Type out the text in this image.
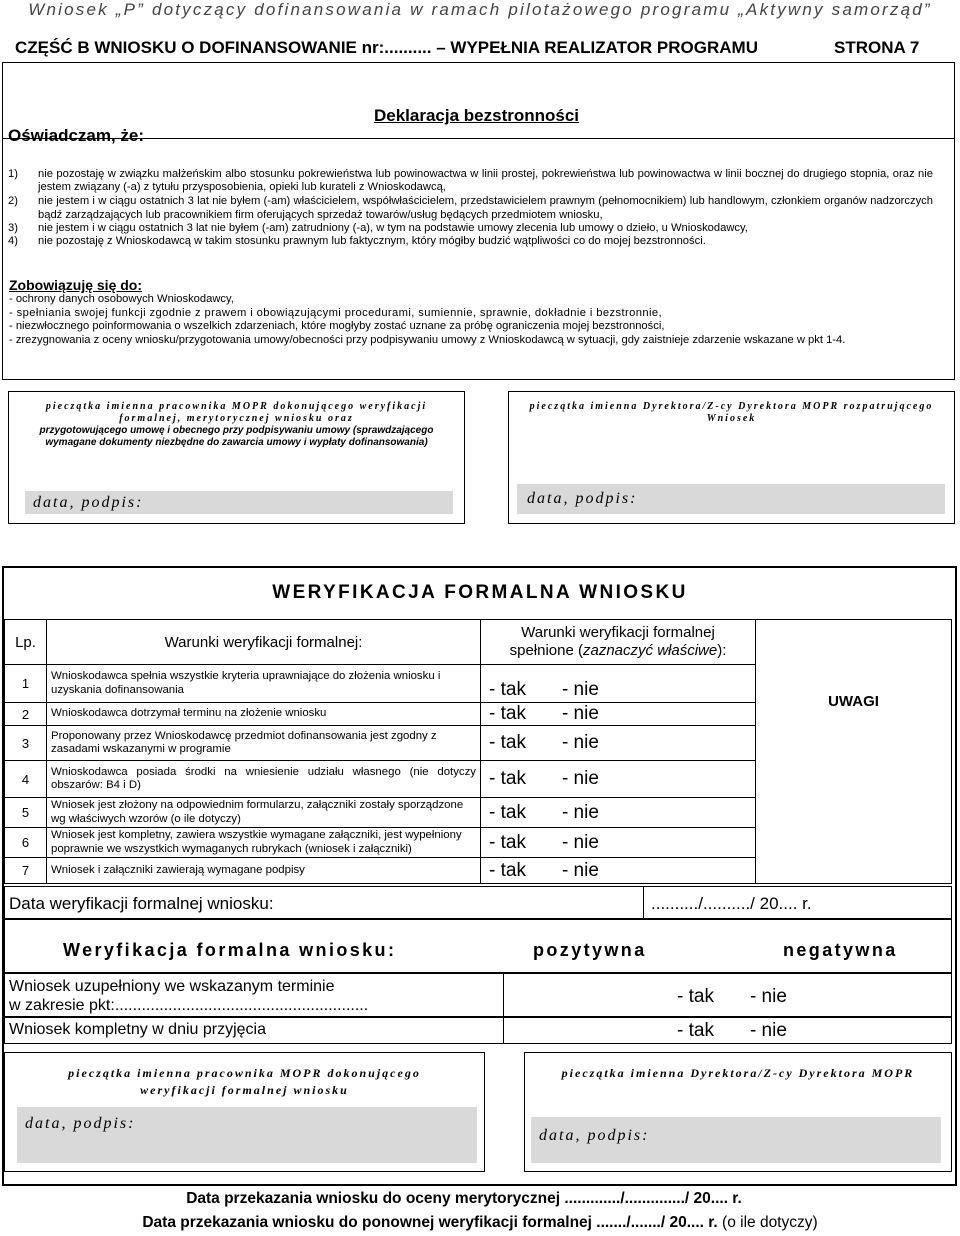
Wniosek „P” dotyczący dofinansowania w ramach pilotażowego programu „Aktywny samorząd”
CZĘŚĆ B WNIOSKU O DOFINANSOWANIE nr:.......... – WYPEŁNIA REALIZATOR PROGRAMU	STRONA 7
Deklaracja bezstronności
Oświadczam, że:
1) nie pozostaję w związku małżeńskim albo stosunku pokrewieństwa lub powinowactwa w linii prostej, pokrewieństwa lub powinowactwa w linii bocznej do drugiego stopnia, oraz nie jestem związany (-a) z tytułu przysposobienia, opieki lub kurateli z Wnioskodawcą,
2) nie jestem i w ciągu ostatnich 3 lat nie byłem (-am) właścicielem, współwłaścicielem, przedstawicielem prawnym (pełnomocnikiem) lub handlowym, członkiem organów nadzorczych bądź zarządzających lub pracownikiem firm oferujących sprzedaż towarów/usług będących przedmiotem wniosku,
3) nie jestem i w ciągu ostatnich 3 lat nie byłem (-am) zatrudniony (-a), w tym na podstawie umowy zlecenia lub umowy o dzieło, u Wnioskodawcy,
4) nie pozostaję z Wnioskodawcą w takim stosunku prawnym lub faktycznym, który mógłby budzić wątpliwości co do mojej bezstronności.
Zobowiązuję się do:
- ochrony danych osobowych Wnioskodawcy,
- spełniania swojej funkcji zgodnie z prawem i obowiązującymi procedurami, sumiennie, sprawnie, dokładnie i bezstronnie,
- niezwłocznego poinformowania o wszelkich zdarzeniach, które mogłyby zostać uznane za próbę ograniczenia mojej bezstronności,
- zrezygnowania z oceny wniosku/przygotowania umowy/obecności przy podpisywaniu umowy z Wnioskodawcą w sytuacji, gdy zaistnieje zdarzenie wskazane w pkt 1-4.
pieczątka imienna pracownika MOPR dokonującego weryfikacji formalnej, merytorycznej wniosku oraz
przygotowującego umowę i obecnego przy podpisywaniu umowy (sprawdzającego wymagane dokumenty niezbędne do zawarcia umowy i wypłaty dofinansowania)
data, podpis:
pieczątka imienna Dyrektora/Z-cy Dyrektora MOPR rozpatrującego Wniosek
data, podpis:
WERYFIKACJA FORMALNA WNIOSKU
Lp.	Warunki weryfikacji formalnej:	Warunki weryfikacji formalnej
spełnione (zaznaczyć właściwe):	UWAGI

1	Wnioskodawca spełnia wszystkie kryteria uprawniające do złożenia wniosku i uzyskania dofinansowania	- tak - nie	
2	Wnioskodawca dotrzymał terminu na złożenie wniosku	- tak - nie	
3	Proponowany przez Wnioskodawcę przedmiot dofinansowania jest zgodny z zasadami wskazanymi w programie	- tak - nie	
4	Wnioskodawca posiada środki na wniesienie udziału własnego (nie dotyczy obszarów: B4 i D)	- tak - nie	
5	Wniosek jest złożony na odpowiednim formularzu, załączniki zostały sporządzone wg właściwych wzorów (o ile dotyczy)	- tak - nie	
6	Wniosek jest kompletny, zawiera wszystkie wymagane załączniki, jest wypełniony poprawnie we wszystkich wymaganych rubrykach (wniosek i załączniki)	- tak - nie	
7	Wniosek i załączniki zawierają wymagane podpisy	- tak - nie	
Data weryfikacji formalnej wniosku:	........../........../ 20.... r.
Weryfikacja formalna wniosku:	pozytywna	negatywna
Wniosek uzupełniony we wskazanym terminie
w zakresie pkt:.........................................................	- tak - nie
Wniosek kompletny w dniu przyjęcia	- tak - nie
pieczątka imienna pracownika MOPR dokonującego weryfikacji formalnej wniosku
data, podpis:
pieczątka imienna Dyrektora/Z-cy Dyrektora MOPR
data, podpis:
Data przekazania wniosku do oceny merytorycznej ............./............../ 20.... r.
Data przekazania wniosku do ponownej weryfikacji formalnej ......./......./ 20.... r. (o ile dotyczy)
